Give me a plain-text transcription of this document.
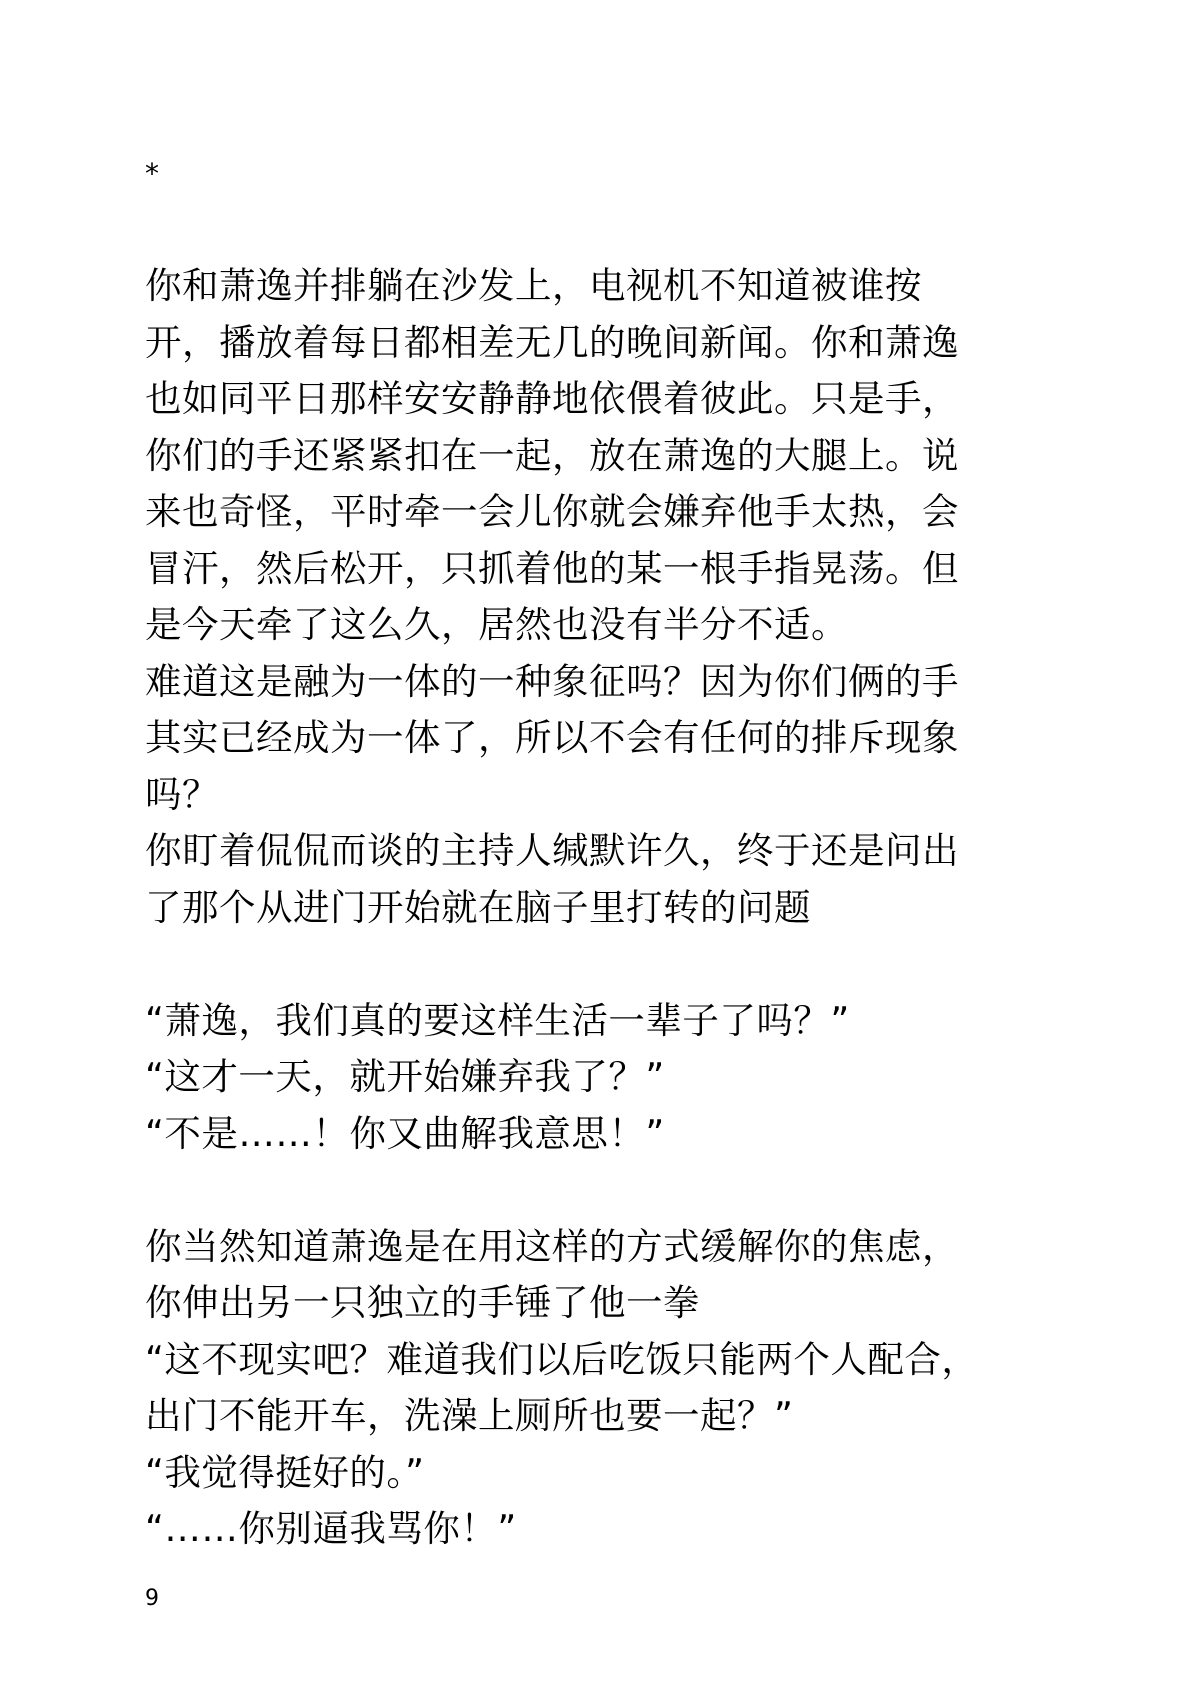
*
你和萧逸并排躺在沙发上，电视机不知道被谁按
开，播放着每日都相差无几的晚间新闻。你和萧逸
也如同平日那样安安静静地依偎着彼此。只是手，
你们的手还紧紧扣在一起，放在萧逸的大腿上。说
来也奇怪，平时牵一会儿你就会嫌弃他手太热，会
冒汗，然后松开，只抓着他的某一根手指晃荡。但
是今天牵了这么久，居然也没有半分不适。
难道这是融为一体的一种象征吗？因为你们俩的手
其实已经成为一体了，所以不会有任何的排斥现象
吗？
你盯着侃侃而谈的主持人缄默许久，终于还是问出
了那个从进门开始就在脑子里打转的问题
“萧逸，我们真的要这样生活一辈子了吗？”
“这才一天，就开始嫌弃我了？”
“不是……！你又曲解我意思！”
你当然知道萧逸是在用这样的方式缓解你的焦虑，
你伸出另一只独立的手锤了他一拳
“这不现实吧？难道我们以后吃饭只能两个人配合，
出门不能开车，洗澡上厕所也要一起？”
“我觉得挺好的。”
“……你别逼我骂你！”
9
